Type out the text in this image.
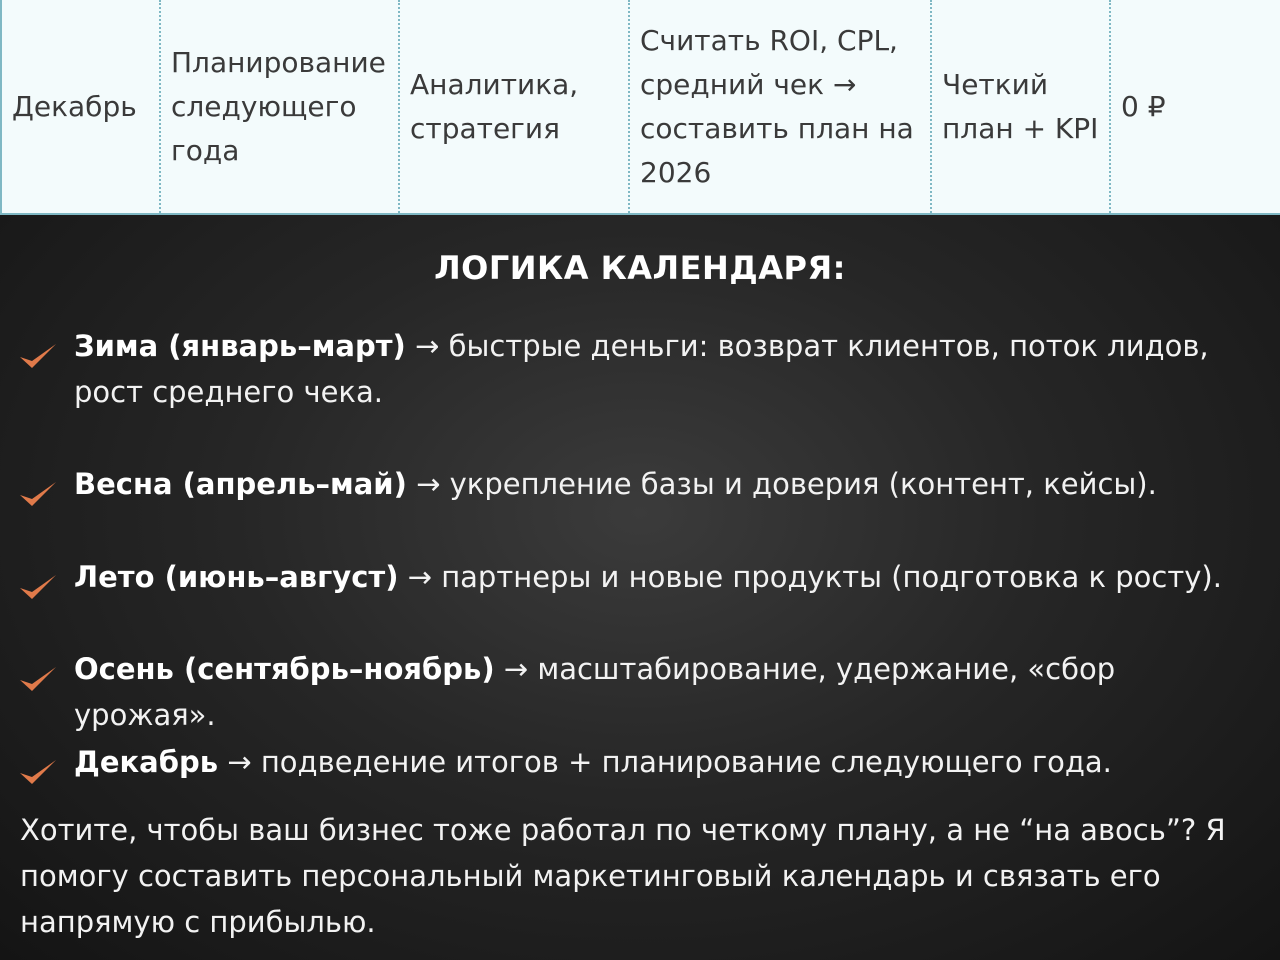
Декабрь	Планирование следующего года	Аналитика, стратегия	Считать ROI, CPL, средний чек → составить план на 2026	Четкий план + KPI	0 ₽
ЛОГИКА КАЛЕНДАРЯ:
Зима (январь–март) → быстрые деньги: возврат клиентов, поток лидов, рост среднего чека.
Весна (апрель–май) → укрепление базы и доверия (контент, кейсы).
Лето (июнь–август) → партнеры и новые продукты (подготовка к росту).
Осень (сентябрь–ноябрь) → масштабирование, удержание, «сбор урожая».
Декабрь → подведение итогов + планирование следующего года.
Хотите, чтобы ваш бизнес тоже работал по четкому плану, а не “на авось”? Я помогу составить персональный маркетинговый календарь и связать его напрямую с прибылью.
